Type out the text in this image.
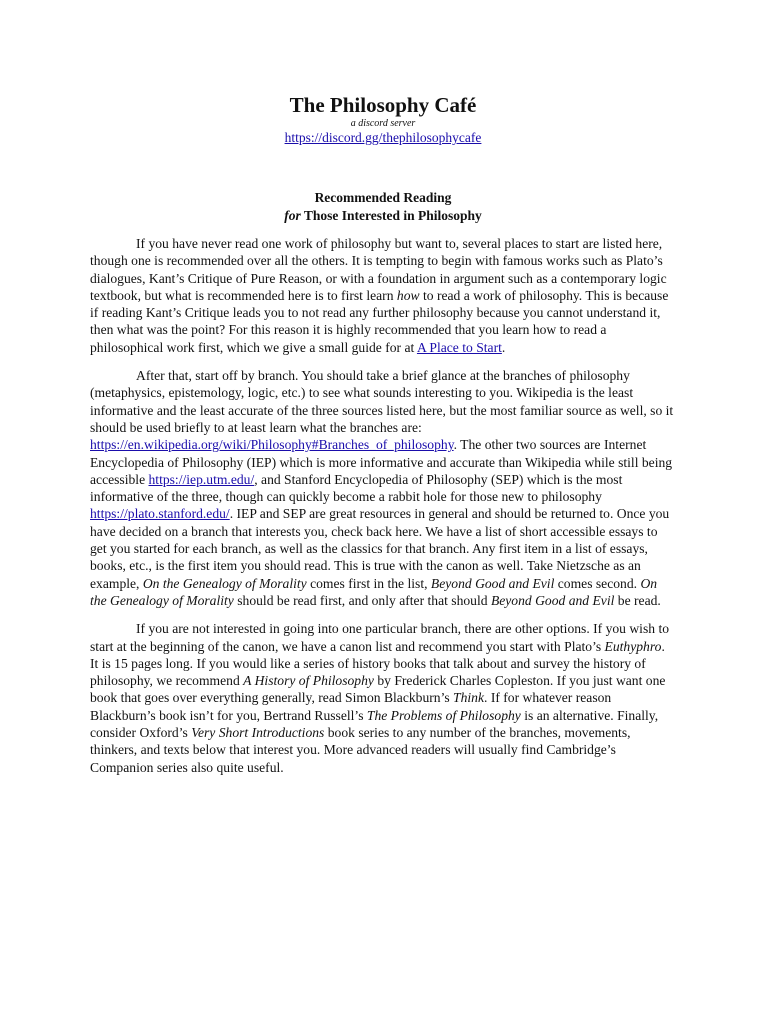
The Philosophy Café

a discord server

https://discord.gg/thephilosophycafe
Recommended Reading
for Those Interested in Philosophy

If you have never read one work of philosophy but want to, several places to start are listed here, though one is recommended over all the others. It is tempting to begin with famous works such as Plato’s dialogues, Kant’s Critique of Pure Reason, or with a foundation in argument such as a contemporary logic textbook, but what is recommended here is to first learn how to read a work of philosophy. This is because if reading Kant’s Critique leads you to not read any further philosophy because you cannot understand it, then what was the point? For this reason it is highly recommended that you learn how to read a philosophical work first, which we give a small guide for at A Place to Start.

After that, start off by branch. You should take a brief glance at the branches of philosophy (metaphysics, epistemology, logic, etc.) to see what sounds interesting to you. Wikipedia is the least informative and the least accurate of the three sources listed here, but the most familiar source as well, so it should be used briefly to at least learn what the branches are: https://en.wikipedia.org/wiki/Philosophy#Branches_of_philosophy. The other two sources are Internet Encyclopedia of Philosophy (IEP) which is more informative and accurate than Wikipedia while still being accessible https://iep.utm.edu/, and Stanford Encyclopedia of Philosophy (SEP) which is the most informative of the three, though can quickly become a rabbit hole for those new to philosophy https://plato.stanford.edu/. IEP and SEP are great resources in general and should be returned to. Once you have decided on a branch that interests you, check back here. We have a list of short accessible essays to get you started for each branch, as well as the classics for that branch. Any first item in a list of essays, books, etc., is the first item you should read. This is true with the canon as well. Take Nietzsche as an example, On the Genealogy of Morality comes first in the list, Beyond Good and Evil comes second. On the Genealogy of Morality should be read first, and only after that should Beyond Good and Evil be read.

If you are not interested in going into one particular branch, there are other options. If you wish to start at the beginning of the canon, we have a canon list and recommend you start with Plato’s Euthyphro. It is 15 pages long. If you would like a series of history books that talk about and survey the history of philosophy, we recommend A History of Philosophy by Frederick Charles Copleston. If you just want one book that goes over everything generally, read Simon Blackburn’s Think. If for whatever reason Blackburn’s book isn’t for you, Bertrand Russell’s The Problems of Philosophy is an alternative. Finally, consider Oxford’s Very Short Introductions book series to any number of the branches, movements, thinkers, and texts below that interest you. More advanced readers will usually find Cambridge’s Companion series also quite useful.
